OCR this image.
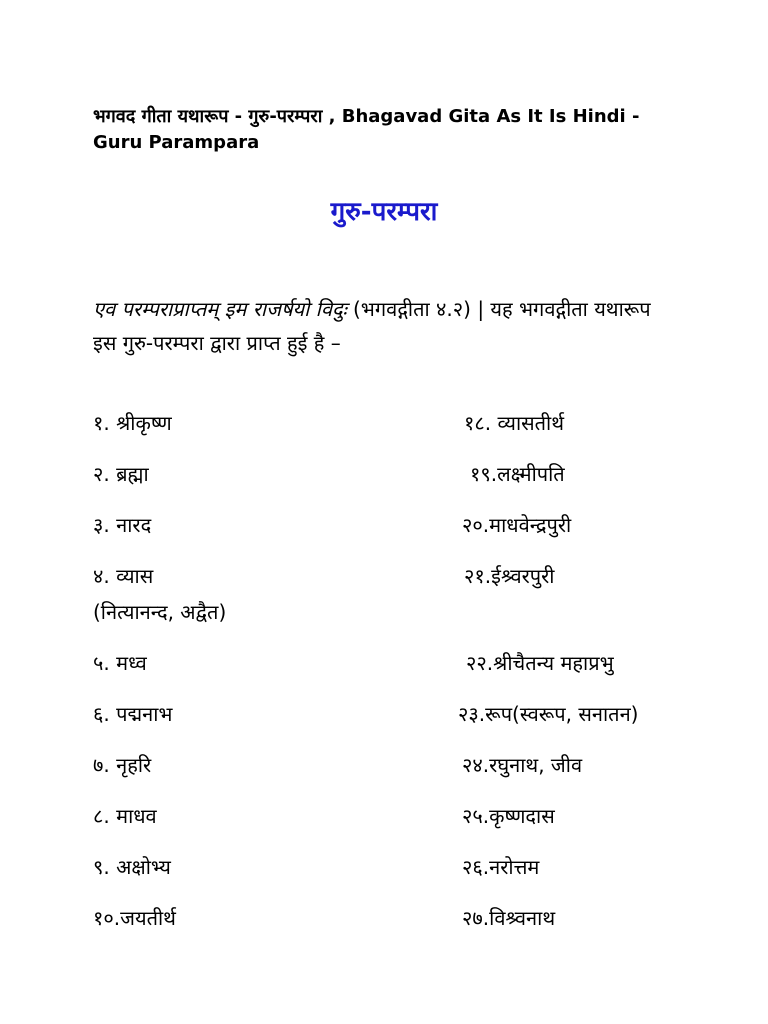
भगवद गीता यथारूप - गुरु-परम्परा , Bhagavad Gita As It Is Hindi - Guru Parampara
गुरु-परम्परा

एव परम्पराप्राप्तम् इम राजर्षयो विदुः (भगवद्गीता ४.२) | यह भगवद्गीता यथारूप इस गुरु-परम्परा द्वारा प्राप्त हुई है –

१. श्रीकृष्ण
२. ब्रह्मा
३. नारद
४. व्यास
(नित्यानन्द, अद्वैत)
५. मध्व
६. पद्मनाभ
७. नृहरि
८. माधव
९. अक्षोभ्य
१०.जयतीर्थ
१८. व्यासतीर्थ
१९.लक्ष्मीपति
२०.माधवेन्द्रपुरी
२१.ईश्र्वरपुरी
२२.श्रीचैतन्य महाप्रभु
२३.रूप(स्वरूप, सनातन)
२४.रघुनाथ, जीव
२५.कृष्णदास
२६.नरोत्तम
२७.विश्र्वनाथ
